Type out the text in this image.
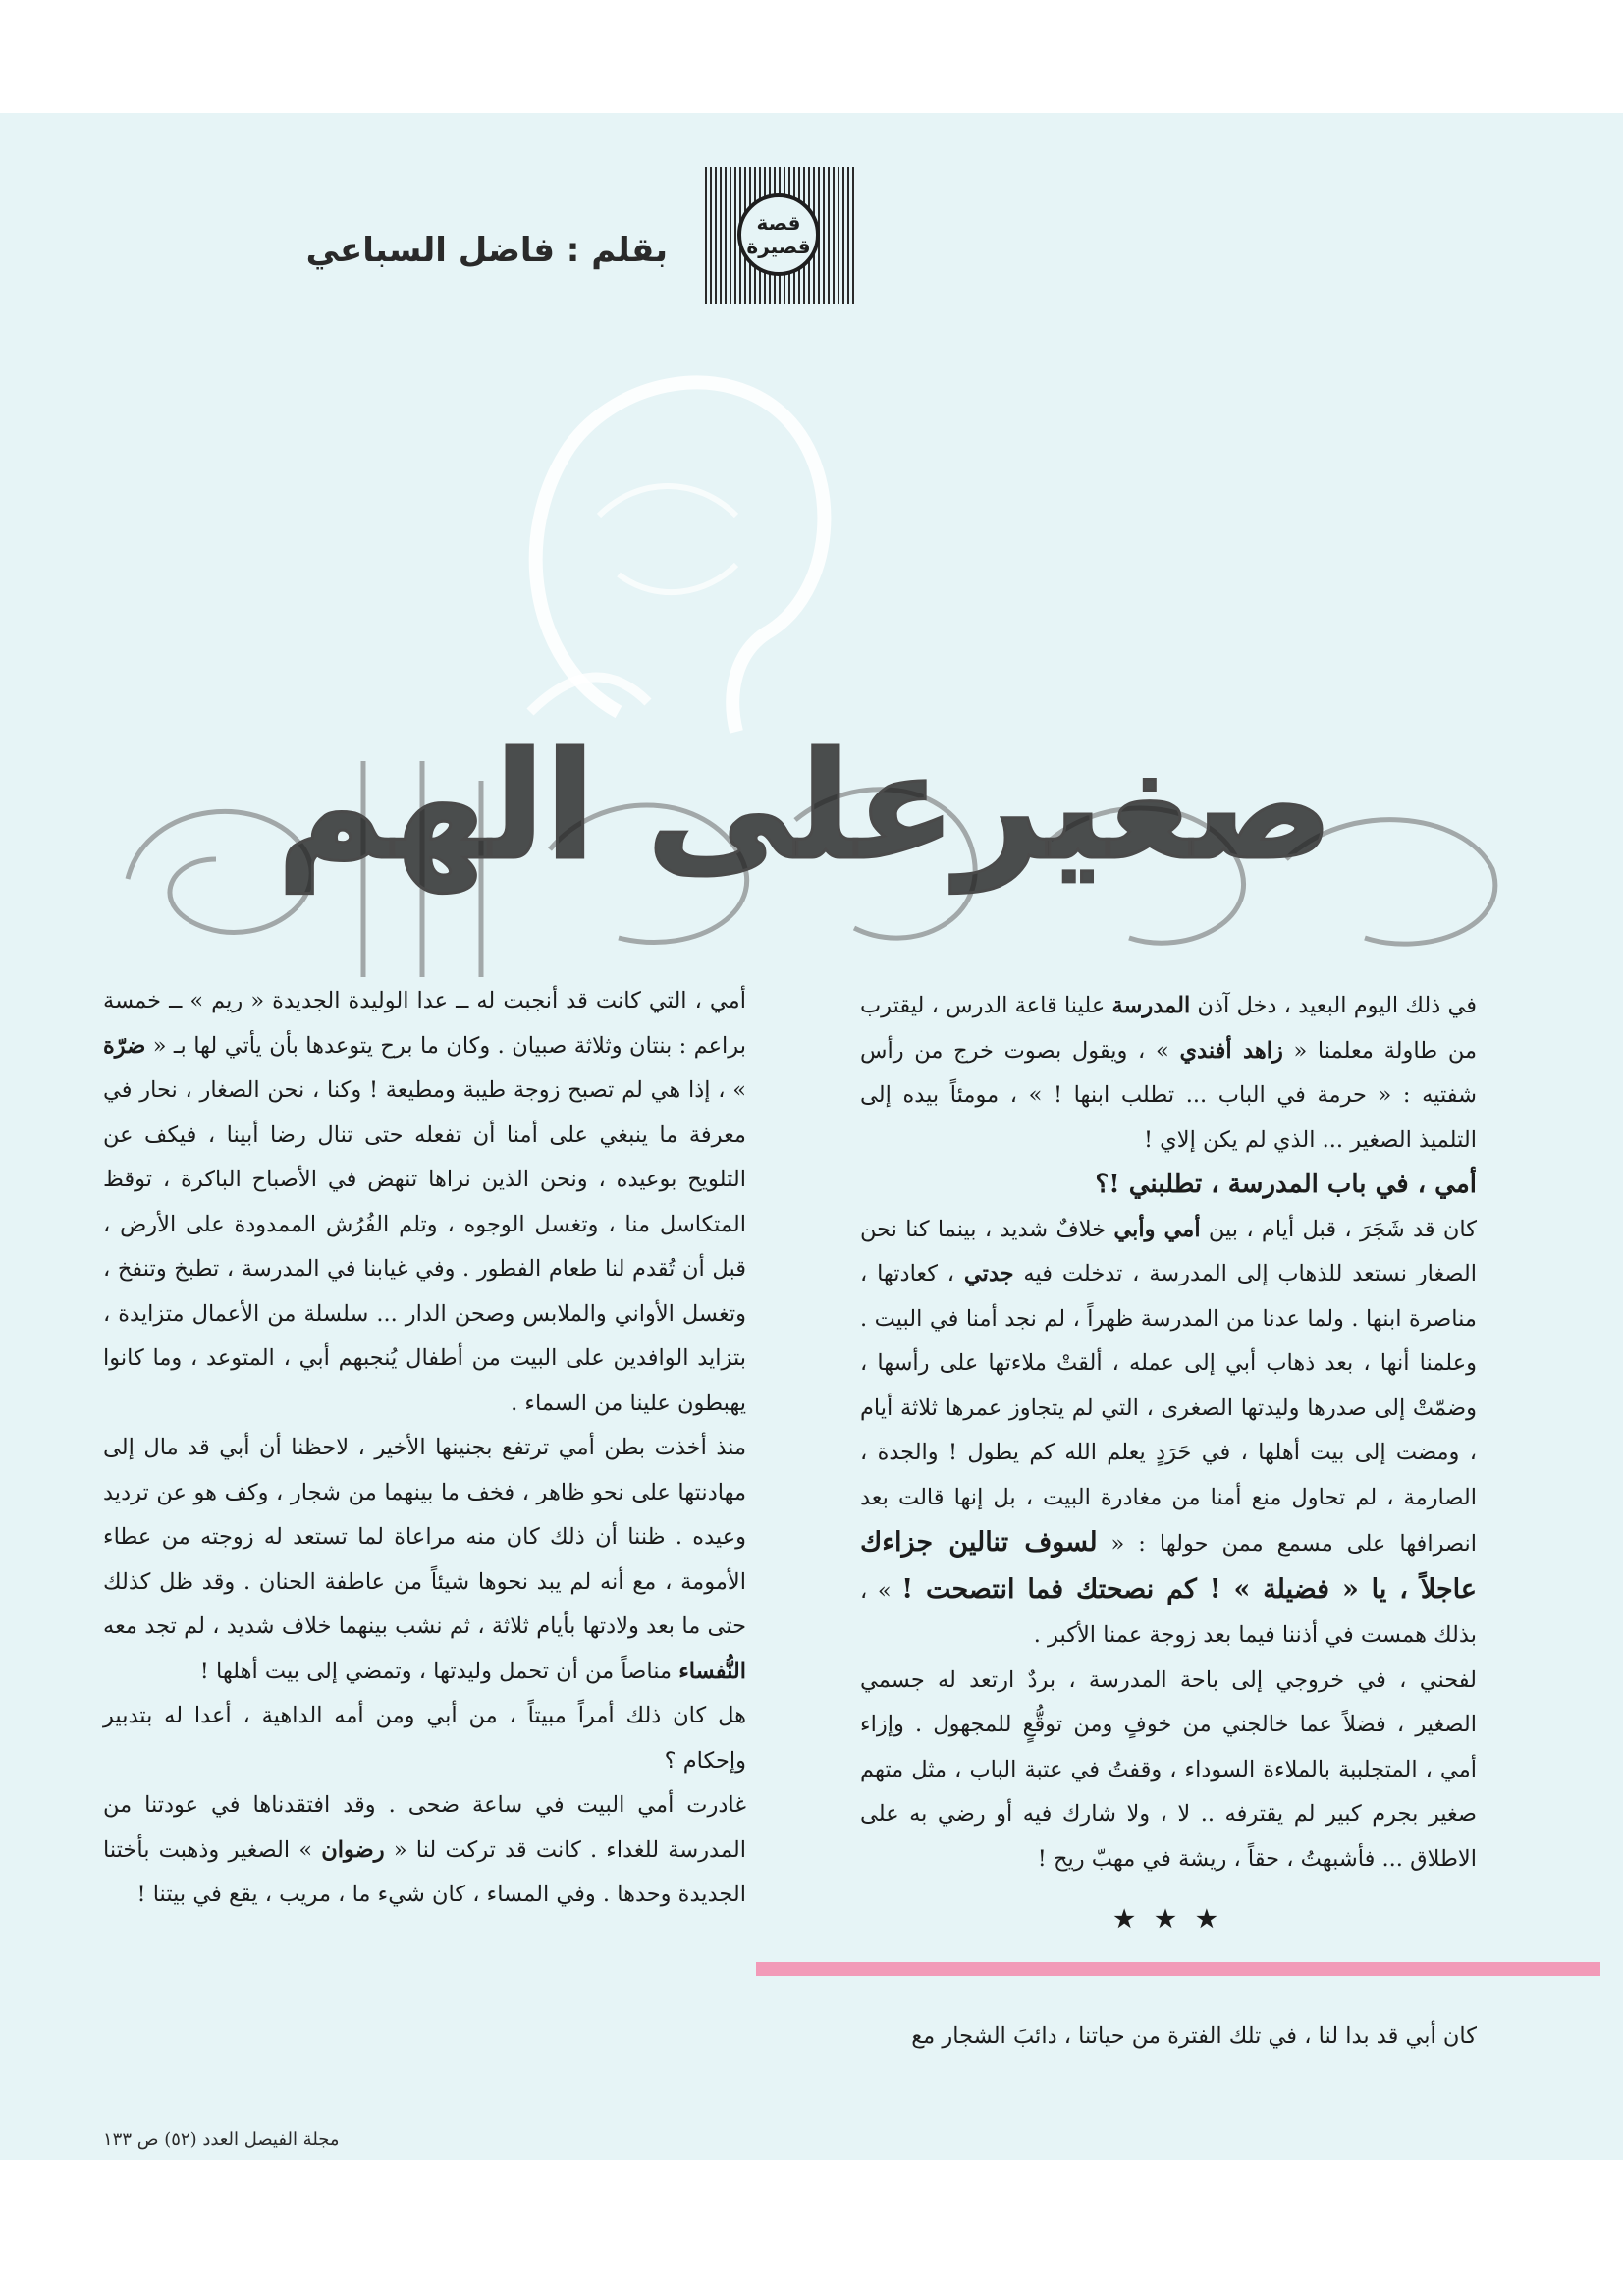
قصة
قصيرة
بقلم : فاضل السباعي
صغيرعلى الهم

في ذلك اليوم البعيد ، دخل آذن المدرسة علينا قاعة الدرس ، ليقترب من طاولة معلمنا « زاهد أفندي » ، ويقول بصوت خرج من رأس شفتيه : « حرمة في الباب ... تطلب ابنها ! » ، مومئاً بيده إلى التلميذ الصغير ... الذي لم يكن إلاي !

أمي ، في باب المدرسة ، تطلبني !؟

كان قد شَجَرَ ، قبل أيام ، بين أمي وأبي خلافٌ شديد ، بينما كنا نحن الصغار نستعد للذهاب إلى المدرسة ، تدخلت فيه جدتي ، كعادتها ، مناصرة ابنها . ولما عدنا من المدرسة ظهراً ، لم نجد أمنا في البيت . وعلمنا أنها ، بعد ذهاب أبي إلى عمله ، ألقتْ ملاءتها على رأسها ، وضمّتْ إلى صدرها وليدتها الصغرى ، التي لم يتجاوز عمرها ثلاثة أيام ، ومضت إلى بيت أهلها ، في حَرَدٍ يعلم الله كم يطول ! والجدة ، الصارمة ، لم تحاول منع أمنا من مغادرة البيت ، بل إنها قالت بعد انصرافها على مسمع ممن حولها : « لسوف تنالين جزاءك عاجلاً ، يا « فضيلة » ! كم نصحتك فما انتصحت ! » ، بذلك همست في أذننا فيما بعد زوجة عمنا الأكبر .

لفحني ، في خروجي إلى باحة المدرسة ، بردٌ ارتعد له جسمي الصغير ، فضلاً عما خالجني من خوفٍ ومن توقُّعٍ للمجهول . وإزاء أمي ، المتجلببة بالملاءة السوداء ، وقفتُ في عتبة الباب ، مثل متهم صغير بجرم كبير لم يقترفه .. لا ، ولا شارك فيه أو رضي به على الاطلاق ... فأشبهتُ ، حقاً ، ريشة في مهبّ ريح !

★ ★ ★
كان أبي قد بدا لنا ، في تلك الفترة من حياتنا ، دائبَ الشجار مع

أمي ، التي كانت قد أنجبت له ــ عدا الوليدة الجديدة « ريم » ــ خمسة براعم : بنتان وثلاثة صبيان . وكان ما برح يتوعدها بأن يأتي لها بـ « ضرّة » ، إذا هي لم تصبح زوجة طيبة ومطيعة ! وكنا ، نحن الصغار ، نحار في معرفة ما ينبغي على أمنا أن تفعله حتى تنال رضا أبينا ، فيكف عن التلويح بوعيده ، ونحن الذين نراها تنهض في الأصباح الباكرة ، توقظ المتكاسل منا ، وتغسل الوجوه ، وتلم الفُرُش الممدودة على الأرض ، قبل أن تُقدم لنا طعام الفطور . وفي غيابنا في المدرسة ، تطبخ وتنفخ ، وتغسل الأواني والملابس وصحن الدار ... سلسلة من الأعمال متزايدة ، بتزايد الوافدين على البيت من أطفال يُنجبهم أبي ، المتوعد ، وما كانوا يهبطون علينا من السماء .

منذ أخذت بطن أمي ترتفع بجنينها الأخير ، لاحظنا أن أبي قد مال إلى مهادنتها على نحو ظاهر ، فخف ما بينهما من شجار ، وكف هو عن ترديد وعيده . ظننا أن ذلك كان منه مراعاة لما تستعد له زوجته من عطاء الأمومة ، مع أنه لم يبد نحوها شيئاً من عاطفة الحنان . وقد ظل كذلك حتى ما بعد ولادتها بأيام ثلاثة ، ثم نشب بينهما خلاف شديد ، لم تجد معه النُّفساء مناصاً من أن تحمل وليدتها ، وتمضي إلى بيت أهلها !

هل كان ذلك أمراً مبيتاً ، من أبي ومن أمه الداهية ، أعدا له بتدبير وإحكام ؟

غادرت أمي البيت في ساعة ضحى . وقد افتقدناها في عودتنا من المدرسة للغداء . كانت قد تركت لنا « رضوان » الصغير وذهبت بأختنا الجديدة وحدها . وفي المساء ، كان شيء ما ، مريب ، يقع في بيتنا !

مجلة الفيصل العدد (٥٢) ص ١٣٣
